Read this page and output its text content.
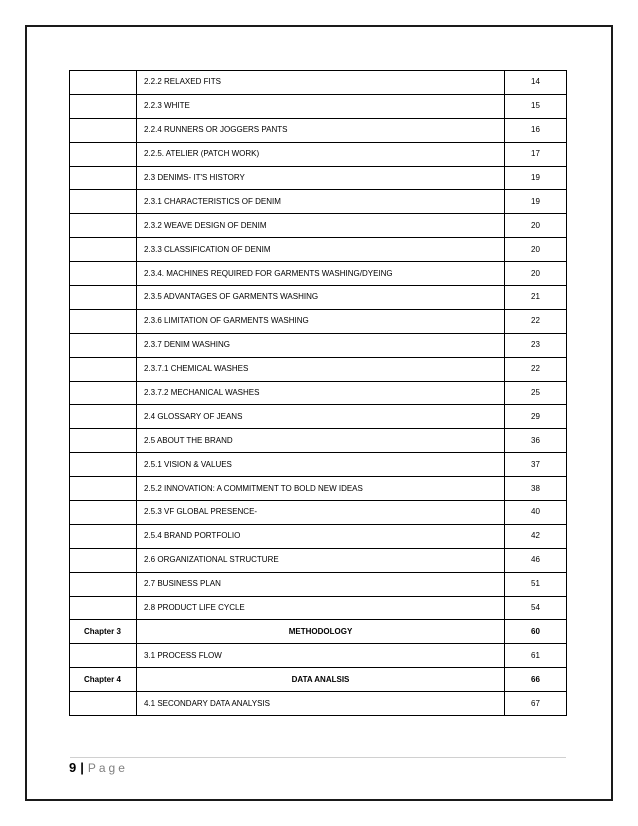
	2.2.2 RELAXED FITS	14
	2.2.3 WHITE	15
	2.2.4 RUNNERS OR JOGGERS PANTS	16
	2.2.5. ATELIER (PATCH WORK)	17
	2.3 DENIMS- IT'S HISTORY	19
	2.3.1 CHARACTERISTICS OF DENIM	19
	2.3.2 WEAVE DESIGN OF DENIM	20
	2.3.3 CLASSIFICATION OF DENIM	20
	2.3.4. MACHINES REQUIRED FOR GARMENTS WASHING/DYEING	20
	2.3.5 ADVANTAGES OF GARMENTS WASHING	21
	2.3.6 LIMITATION OF GARMENTS WASHING	22
	2.3.7 DENIM WASHING	23
	2.3.7.1 CHEMICAL WASHES	22
	2.3.7.2 MECHANICAL WASHES	25
	2.4 GLOSSARY OF JEANS	29
	2.5 ABOUT THE BRAND	36
	2.5.1 VISION & VALUES	37
	2.5.2 INNOVATION: A COMMITMENT TO BOLD NEW IDEAS	38
	2.5.3 VF GLOBAL PRESENCE-	40
	2.5.4 BRAND PORTFOLIO	42
	2.6 ORGANIZATIONAL STRUCTURE	46
	2.7 BUSINESS PLAN	51
	2.8 PRODUCT LIFE CYCLE	54
Chapter 3	METHODOLOGY	60
	3.1 PROCESS FLOW	61
Chapter 4	DATA ANALSIS	66
	4.1 SECONDARY DATA ANALYSIS	67
9 | Page
